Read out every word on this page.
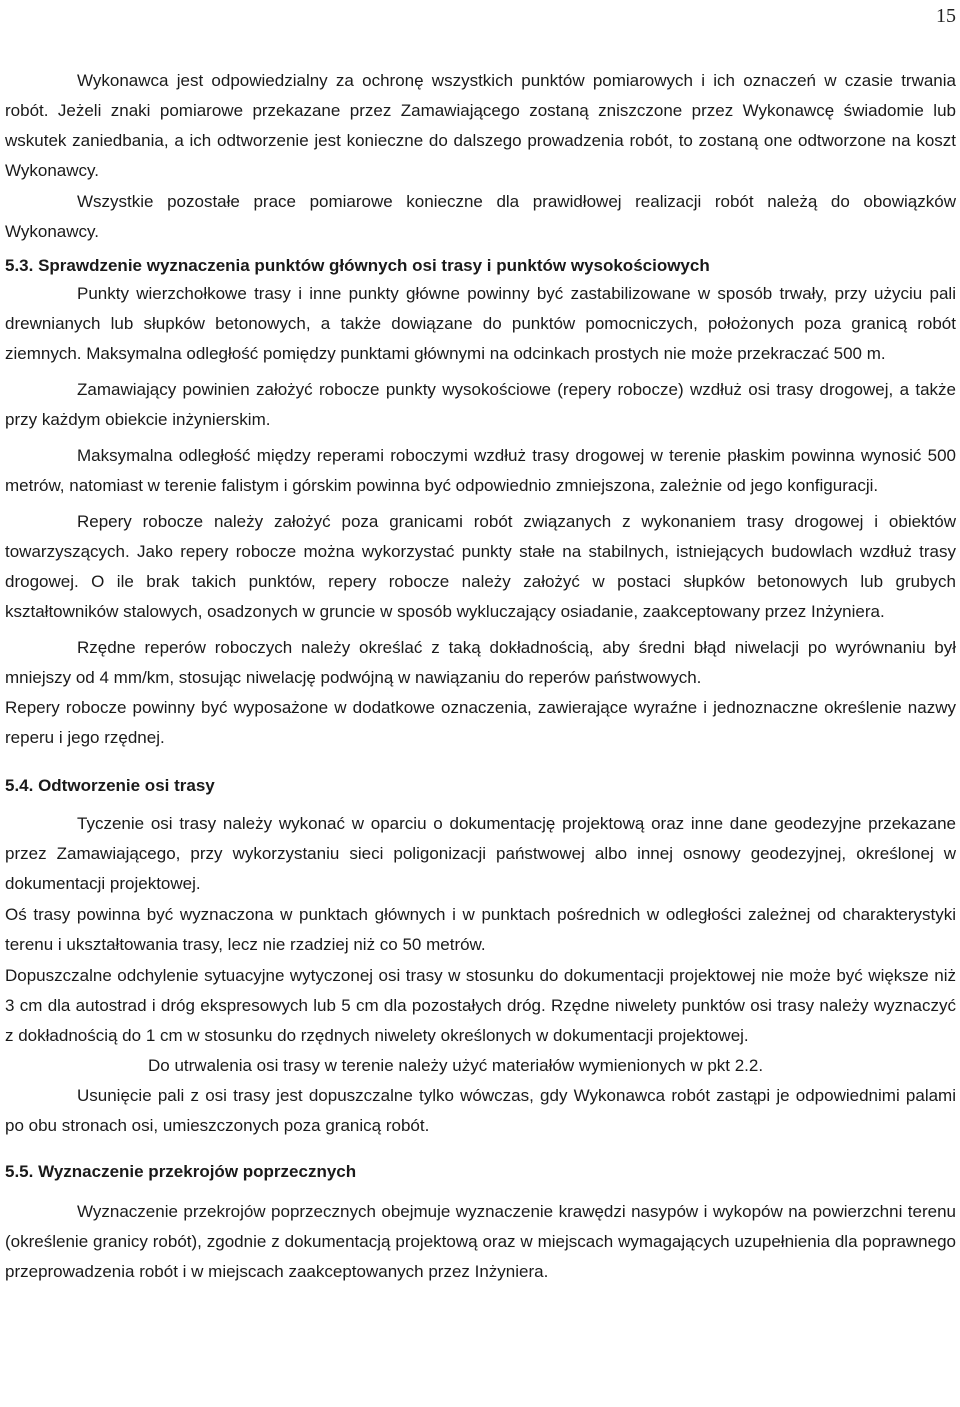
15

Wykonawca jest odpowiedzialny za ochronę wszystkich punktów pomiarowych i ich oznaczeń w czasie trwania robót. Jeżeli znaki pomiarowe przekazane przez Zamawiającego zostaną zniszczone przez Wykonawcę świadomie lub wskutek zaniedbania, a ich odtworzenie jest konieczne do dalszego prowadzenia robót, to zostaną one odtworzone na koszt Wykonawcy.

Wszystkie pozostałe prace pomiarowe konieczne dla prawidłowej realizacji robót należą do obowiązków Wykonawcy.

5.3. Sprawdzenie wyznaczenia punktów głównych osi trasy i punktów wysokościowych

Punkty wierzchołkowe trasy i inne punkty główne powinny być zastabilizowane w sposób trwały, przy użyciu pali drewnianych lub słupków betonowych, a także dowiązane do punktów pomocniczych, położonych poza granicą robót ziemnych. Maksymalna odległość pomiędzy punktami głównymi na odcinkach prostych nie może przekraczać 500 m.

Zamawiający powinien założyć robocze punkty wysokościowe (repery robocze) wzdłuż osi trasy drogowej, a także przy każdym obiekcie inżynierskim.

Maksymalna odległość między reperami roboczymi wzdłuż trasy drogowej w terenie płaskim powinna wynosić 500 metrów, natomiast w terenie falistym i górskim powinna być odpowiednio zmniejszona, zależnie od jego konfiguracji.

Repery robocze należy założyć poza granicami robót związanych z wykonaniem trasy drogowej i obiektów towarzyszących. Jako repery robocze można wykorzystać punkty stałe na stabilnych, istniejących budowlach wzdłuż trasy drogowej. O ile brak takich punktów, repery robocze należy założyć w postaci słupków betonowych lub grubych kształtowników stalowych, osadzonych w gruncie w sposób wykluczający osiadanie, zaakceptowany przez Inżyniera.

Rzędne reperów roboczych należy określać z taką dokładnością, aby średni błąd niwelacji po wyrównaniu był mniejszy od 4 mm/km, stosując niwelację podwójną w nawiązaniu do reperów państwowych.

Repery robocze powinny być wyposażone w dodatkowe oznaczenia, zawierające wyraźne i jednoznaczne określenie nazwy reperu i jego rzędnej.

5.4. Odtworzenie osi trasy

Tyczenie osi trasy należy wykonać w oparciu o dokumentację projektową oraz inne dane geodezyjne przekazane przez Zamawiającego, przy wykorzystaniu sieci poligonizacji państwowej albo innej osnowy geodezyjnej, określonej w dokumentacji projektowej.

Oś trasy powinna być wyznaczona w punktach głównych i w punktach pośrednich w odległości zależnej od charakterystyki terenu i ukształtowania trasy, lecz nie rzadziej niż co 50 metrów.

Dopuszczalne odchylenie sytuacyjne wytyczonej osi trasy w stosunku do dokumentacji projektowej nie może być większe niż 3 cm dla autostrad i dróg ekspresowych lub 5 cm dla pozostałych dróg. Rzędne niwelety punktów osi trasy należy wyznaczyć z dokładnością do 1 cm w stosunku do rzędnych niwelety określonych w dokumentacji projektowej.

Do utrwalenia osi trasy w terenie należy użyć materiałów wymienionych w pkt 2.2.

Usunięcie pali z osi trasy jest dopuszczalne tylko wówczas, gdy Wykonawca robót zastąpi je odpowiednimi palami po obu stronach osi, umieszczonych poza granicą robót.

5.5. Wyznaczenie przekrojów poprzecznych

Wyznaczenie przekrojów poprzecznych obejmuje wyznaczenie krawędzi nasypów i wykopów na powierzchni terenu (określenie granicy robót), zgodnie z dokumentacją projektową oraz w miejscach wymagających uzupełnienia dla poprawnego przeprowadzenia robót i w miejscach zaakceptowanych przez Inżyniera.
